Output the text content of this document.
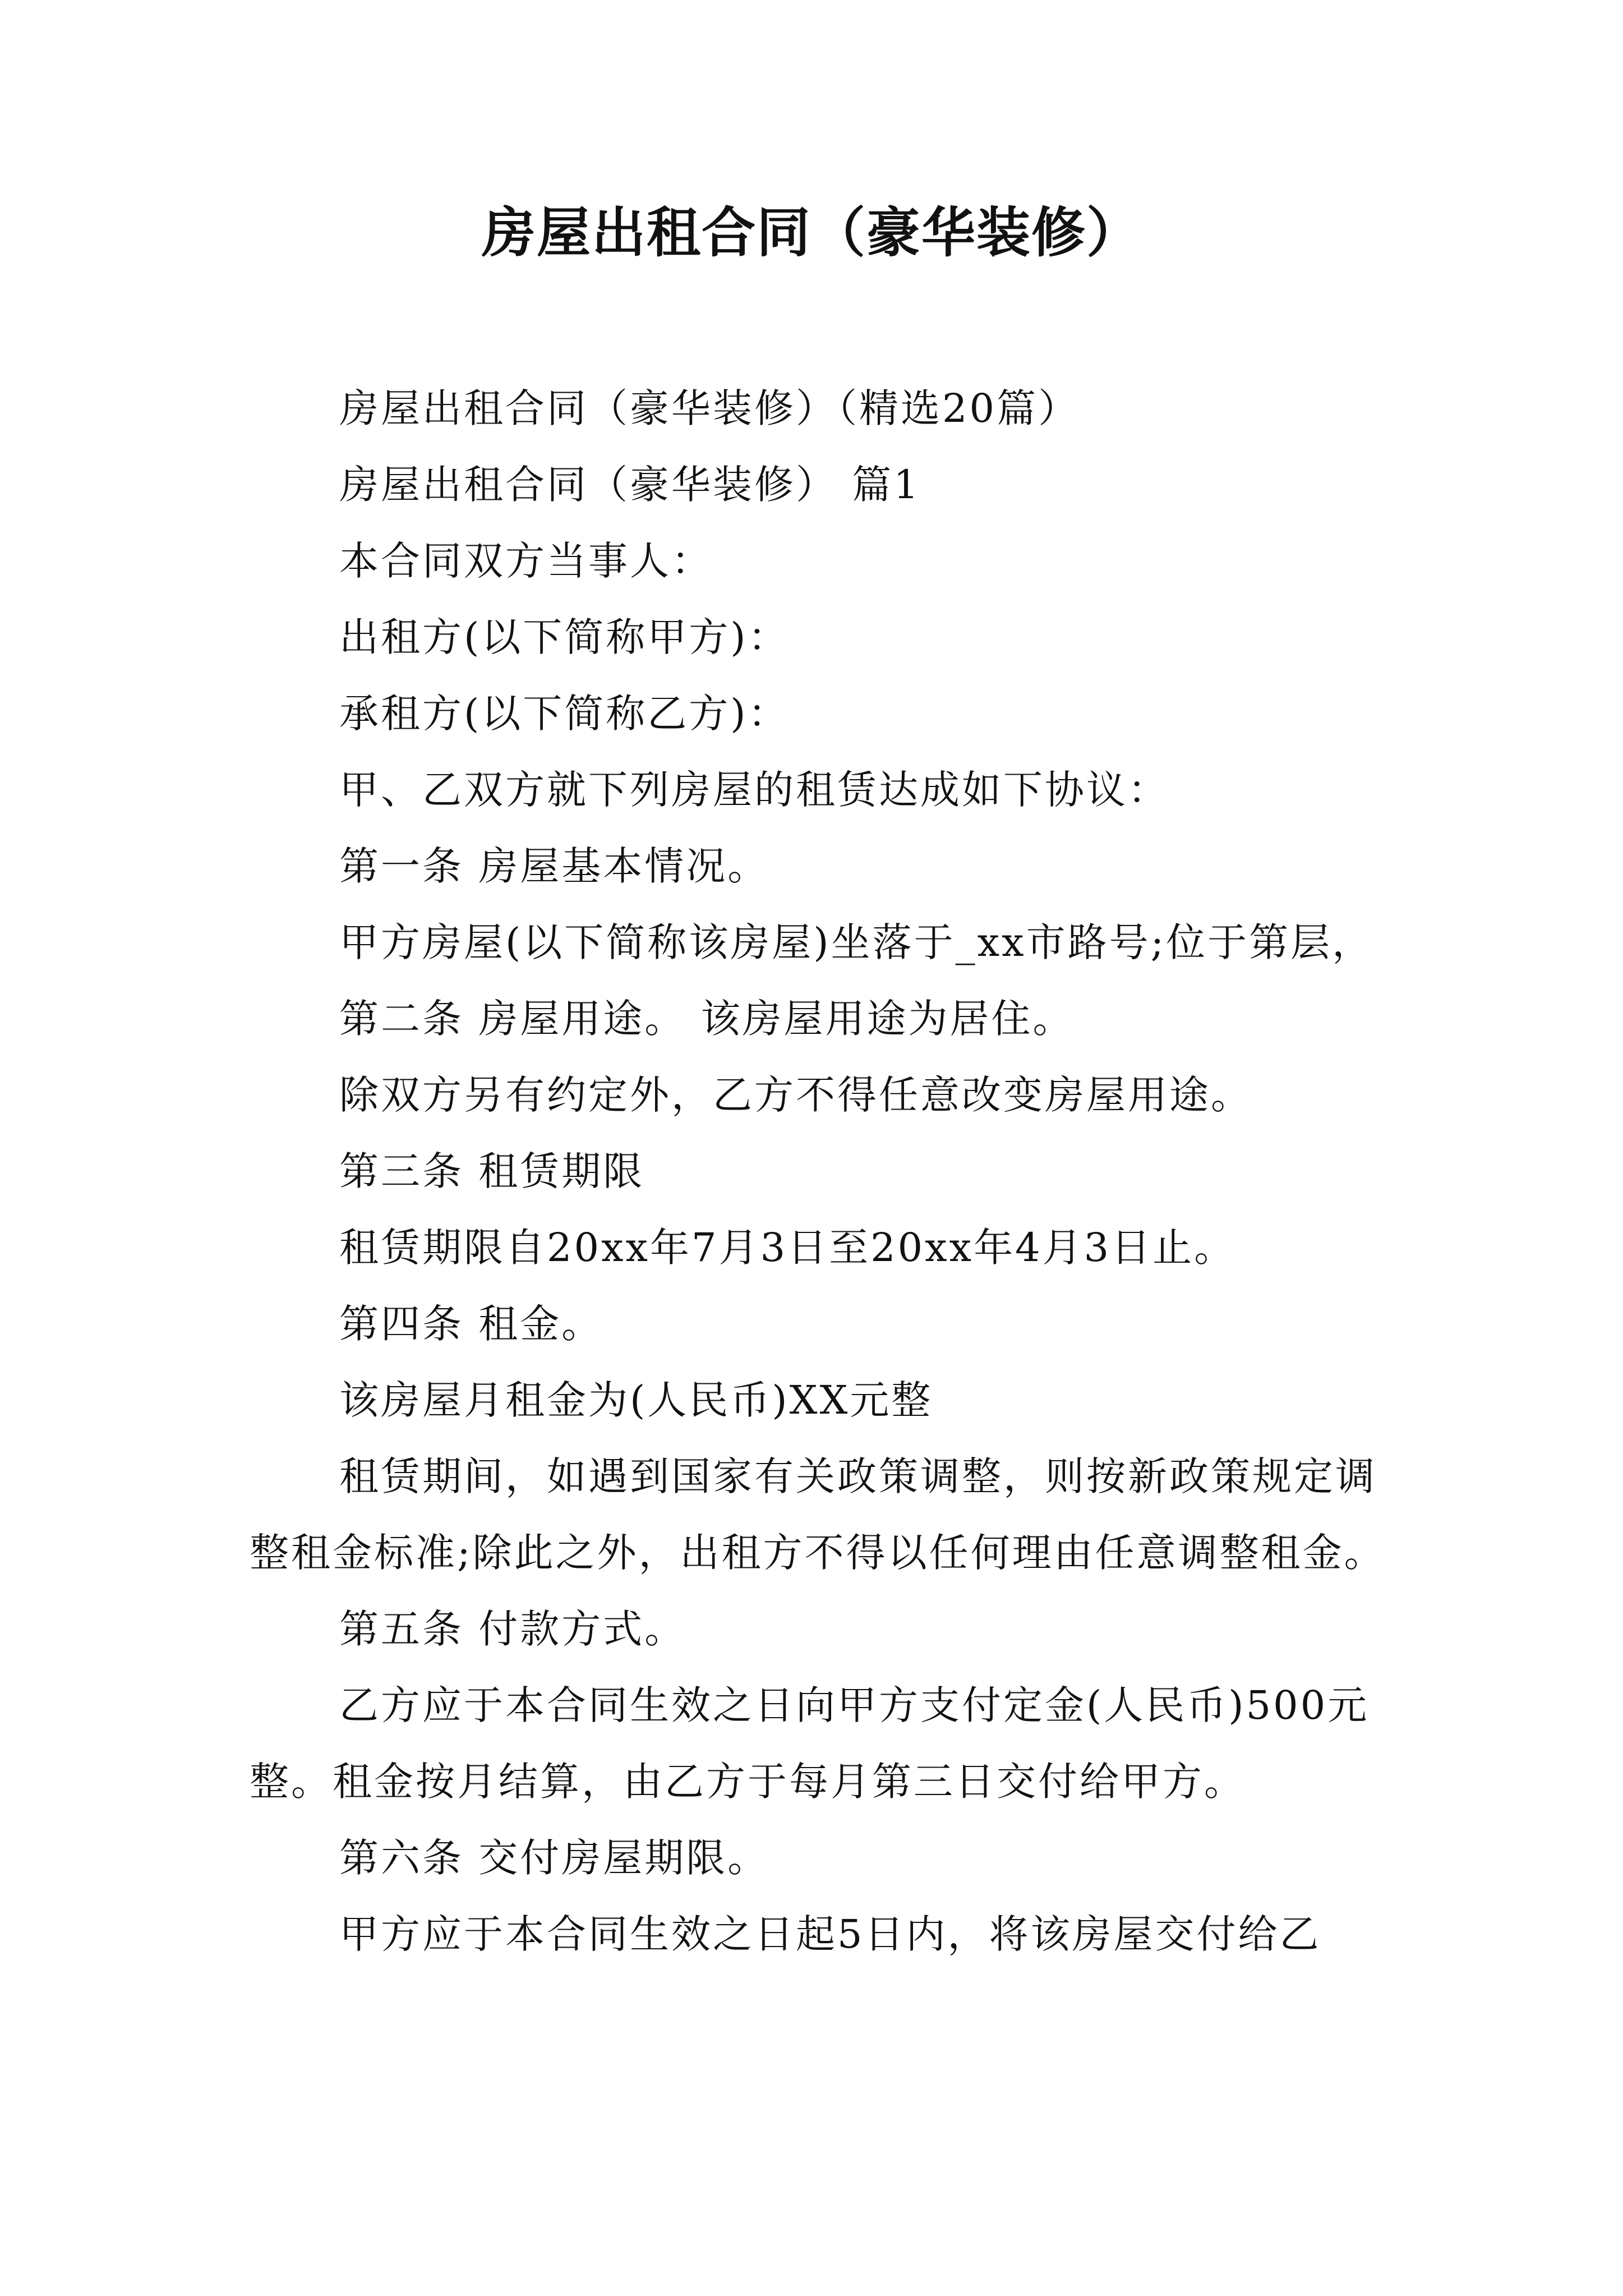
房屋出租合同（豪华装修）

房屋出租合同（豪华装修）（精选20篇）

房屋出租合同（豪华装修） 篇1

本合同双方当事人：

出租方(以下简称甲方)：

承租方(以下简称乙方)：

甲、乙双方就下列房屋的租赁达成如下协议：

第一条 房屋基本情况。

甲方房屋(以下简称该房屋)坐落于_xx市路号;位于第层，

第二条 房屋用途。 该房屋用途为居住。

除双方另有约定外，乙方不得任意改变房屋用途。

第三条 租赁期限

租赁期限自20xx年7月3日至20xx年4月3日止。

第四条 租金。

该房屋月租金为(人民币)XX元整

租赁期间，如遇到国家有关政策调整，则按新政策规定调整租金标准;除此之外，出租方不得以任何理由任意调整租金。

第五条 付款方式。

乙方应于本合同生效之日向甲方支付定金(人民币)500元整。租金按月结算，由乙方于每月第三日交付给甲方。

第六条 交付房屋期限。

甲方应于本合同生效之日起5日内，将该房屋交付给乙
